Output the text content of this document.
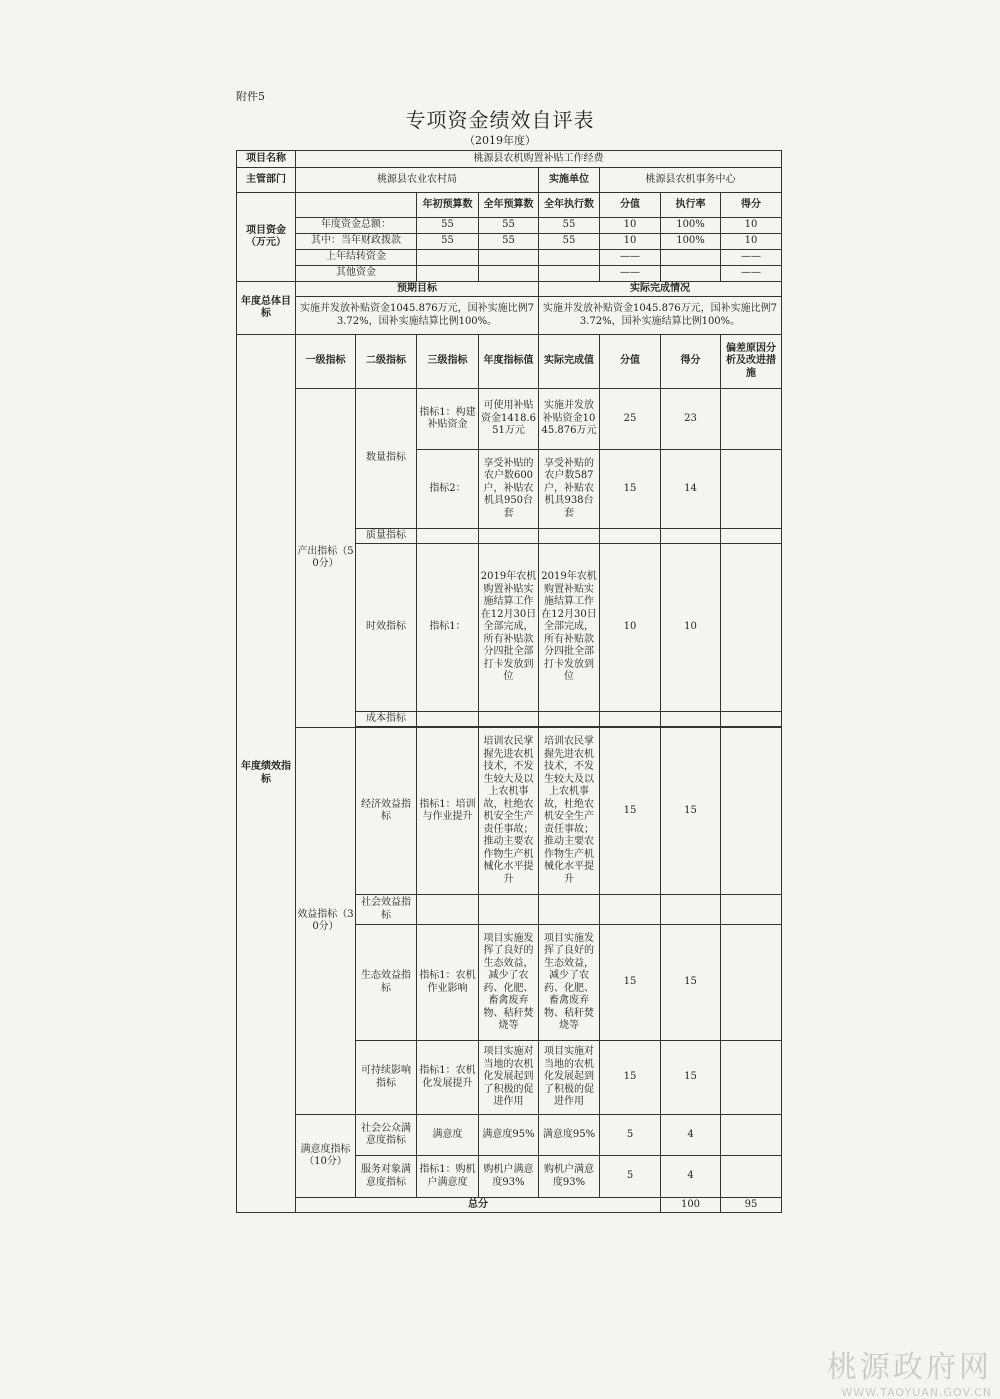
附件5
专项资金绩效自评表
（2019年度）
项目名称	桃源县农机购置补贴工作经费								
主管部门	桃源县农业农村局				实施单位	桃源县农机事务中心			
项目资金（万元）			年初预算数	全年预算数	全年执行数	分值	执行率	得分	
	年度资金总额：		55	55	55	10	100%	10	
	其中：当年财政拨款		55	55	55	10	100%	10	
	上年结转资金					——		——	
	其他资金					——		——	
年度总体目标	预期目标				实际完成情况				
	实施并发放补贴资金1045.876万元，国补实施比例73.72%，国补实施结算比例100%。				实施并发放补贴资金1045.876万元，国补实施比例73.72%，国补实施结算比例100%。				
年度绩效指标	一级指标	二级指标	三级指标	年度指标值	实际完成值	分值	得分	偏差原因分析及改进措施	
	产出指标（50分）	数量指标	指标1：构建补贴资金	可使用补贴资金1418.651万元	实施并发放补贴资金1045.876万元	25	23		
			指标2：	享受补贴的农户数600户，补贴农机具950台套	享受补贴的农户数587户，补贴农机具938台套	15	14		
		质量指标							
		时效指标	指标1：	2019年农机购置补贴实施结算工作在12月30日全部完成，所有补贴款分四批全部打卡发放到位	2019年农机购置补贴实施结算工作在12月30日全部完成，所有补贴款分四批全部打卡发放到位	10	10		
		成本指标							

	效益指标（30分）	经济效益指标	指标1：培训与作业提升	培训农民掌握先进农机技术，不发生较大及以上农机事故，杜绝农机安全生产责任事故；推动主要农作物生产机械化水平提升	培训农民掌握先进农机技术，不发生较大及以上农机事故，杜绝农机安全生产责任事故；推动主要农作物生产机械化水平提升	15	15		
		社会效益指标							
		生态效益指标	指标1：农机作业影响	项目实施发挥了良好的生态效益，减少了农药、化肥、畜禽废弃物、秸秆焚烧等	项目实施发挥了良好的生态效益，减少了农药、化肥、畜禽废弃物、秸秆焚烧等	15	15		
		可持续影响指标	指标1：农机化发展提升	项目实施对当地的农机化发展起到了积极的促进作用	项目实施对当地的农机化发展起到了积极的促进作用	15	15		
	满意度指标（10分）	社会公众满意度指标	满意度	满意度95%	满意度95%	5	4		
		服务对象满意度指标	指标1：购机户满意度	购机户满意度93%	购机户满意度93%	5	4		
	总分						100	95	
桃源政府网
WWW.TAOYUAN.GOV.CN
